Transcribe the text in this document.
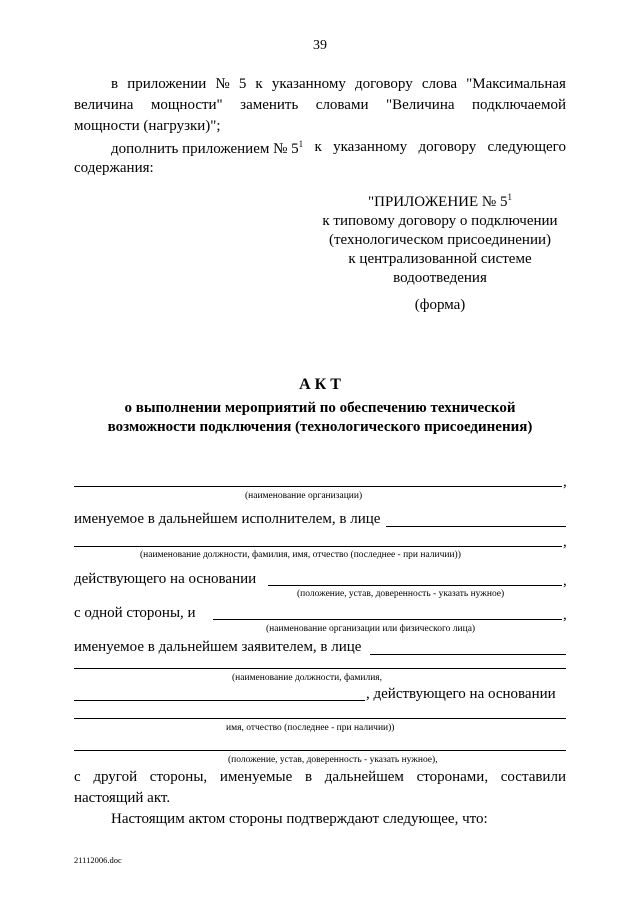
39
в приложении № 5 к указанному договору слова "Максимальная
величина мощности" заменить словами "Величина подключаемой
мощности (нагрузки)";
дополнить приложением № $5^1$ к указанному договору следующего
содержания:
"ПРИЛОЖЕНИЕ № $5^1$
к типовому договору о подключении
(технологическом присоединении)
к централизованной системе
водоотведения
(форма)
А К Т
о выполнении мероприятий по обеспечению технической
возможности подключения (технологического присоединения)
,
(наименование организации)
именуемое в дальнейшем исполнителем, в лице
,
(наименование должности, фамилия, имя, отчество (последнее - при наличии))
действующего на основании	,
(положение, устав, доверенность - указать нужное)
с одной стороны, и	,
(наименование организации или физического лица)
именуемое в дальнейшем заявителем, в лице
(наименование должности, фамилия,
, действующего на основании
имя, отчество (последнее - при наличии))
(положение, устав, доверенность - указать нужное),
с другой стороны, именуемые в дальнейшем сторонами, составили
настоящий акт.
Настоящим актом стороны подтверждают следующее, что:
21112006.doc
